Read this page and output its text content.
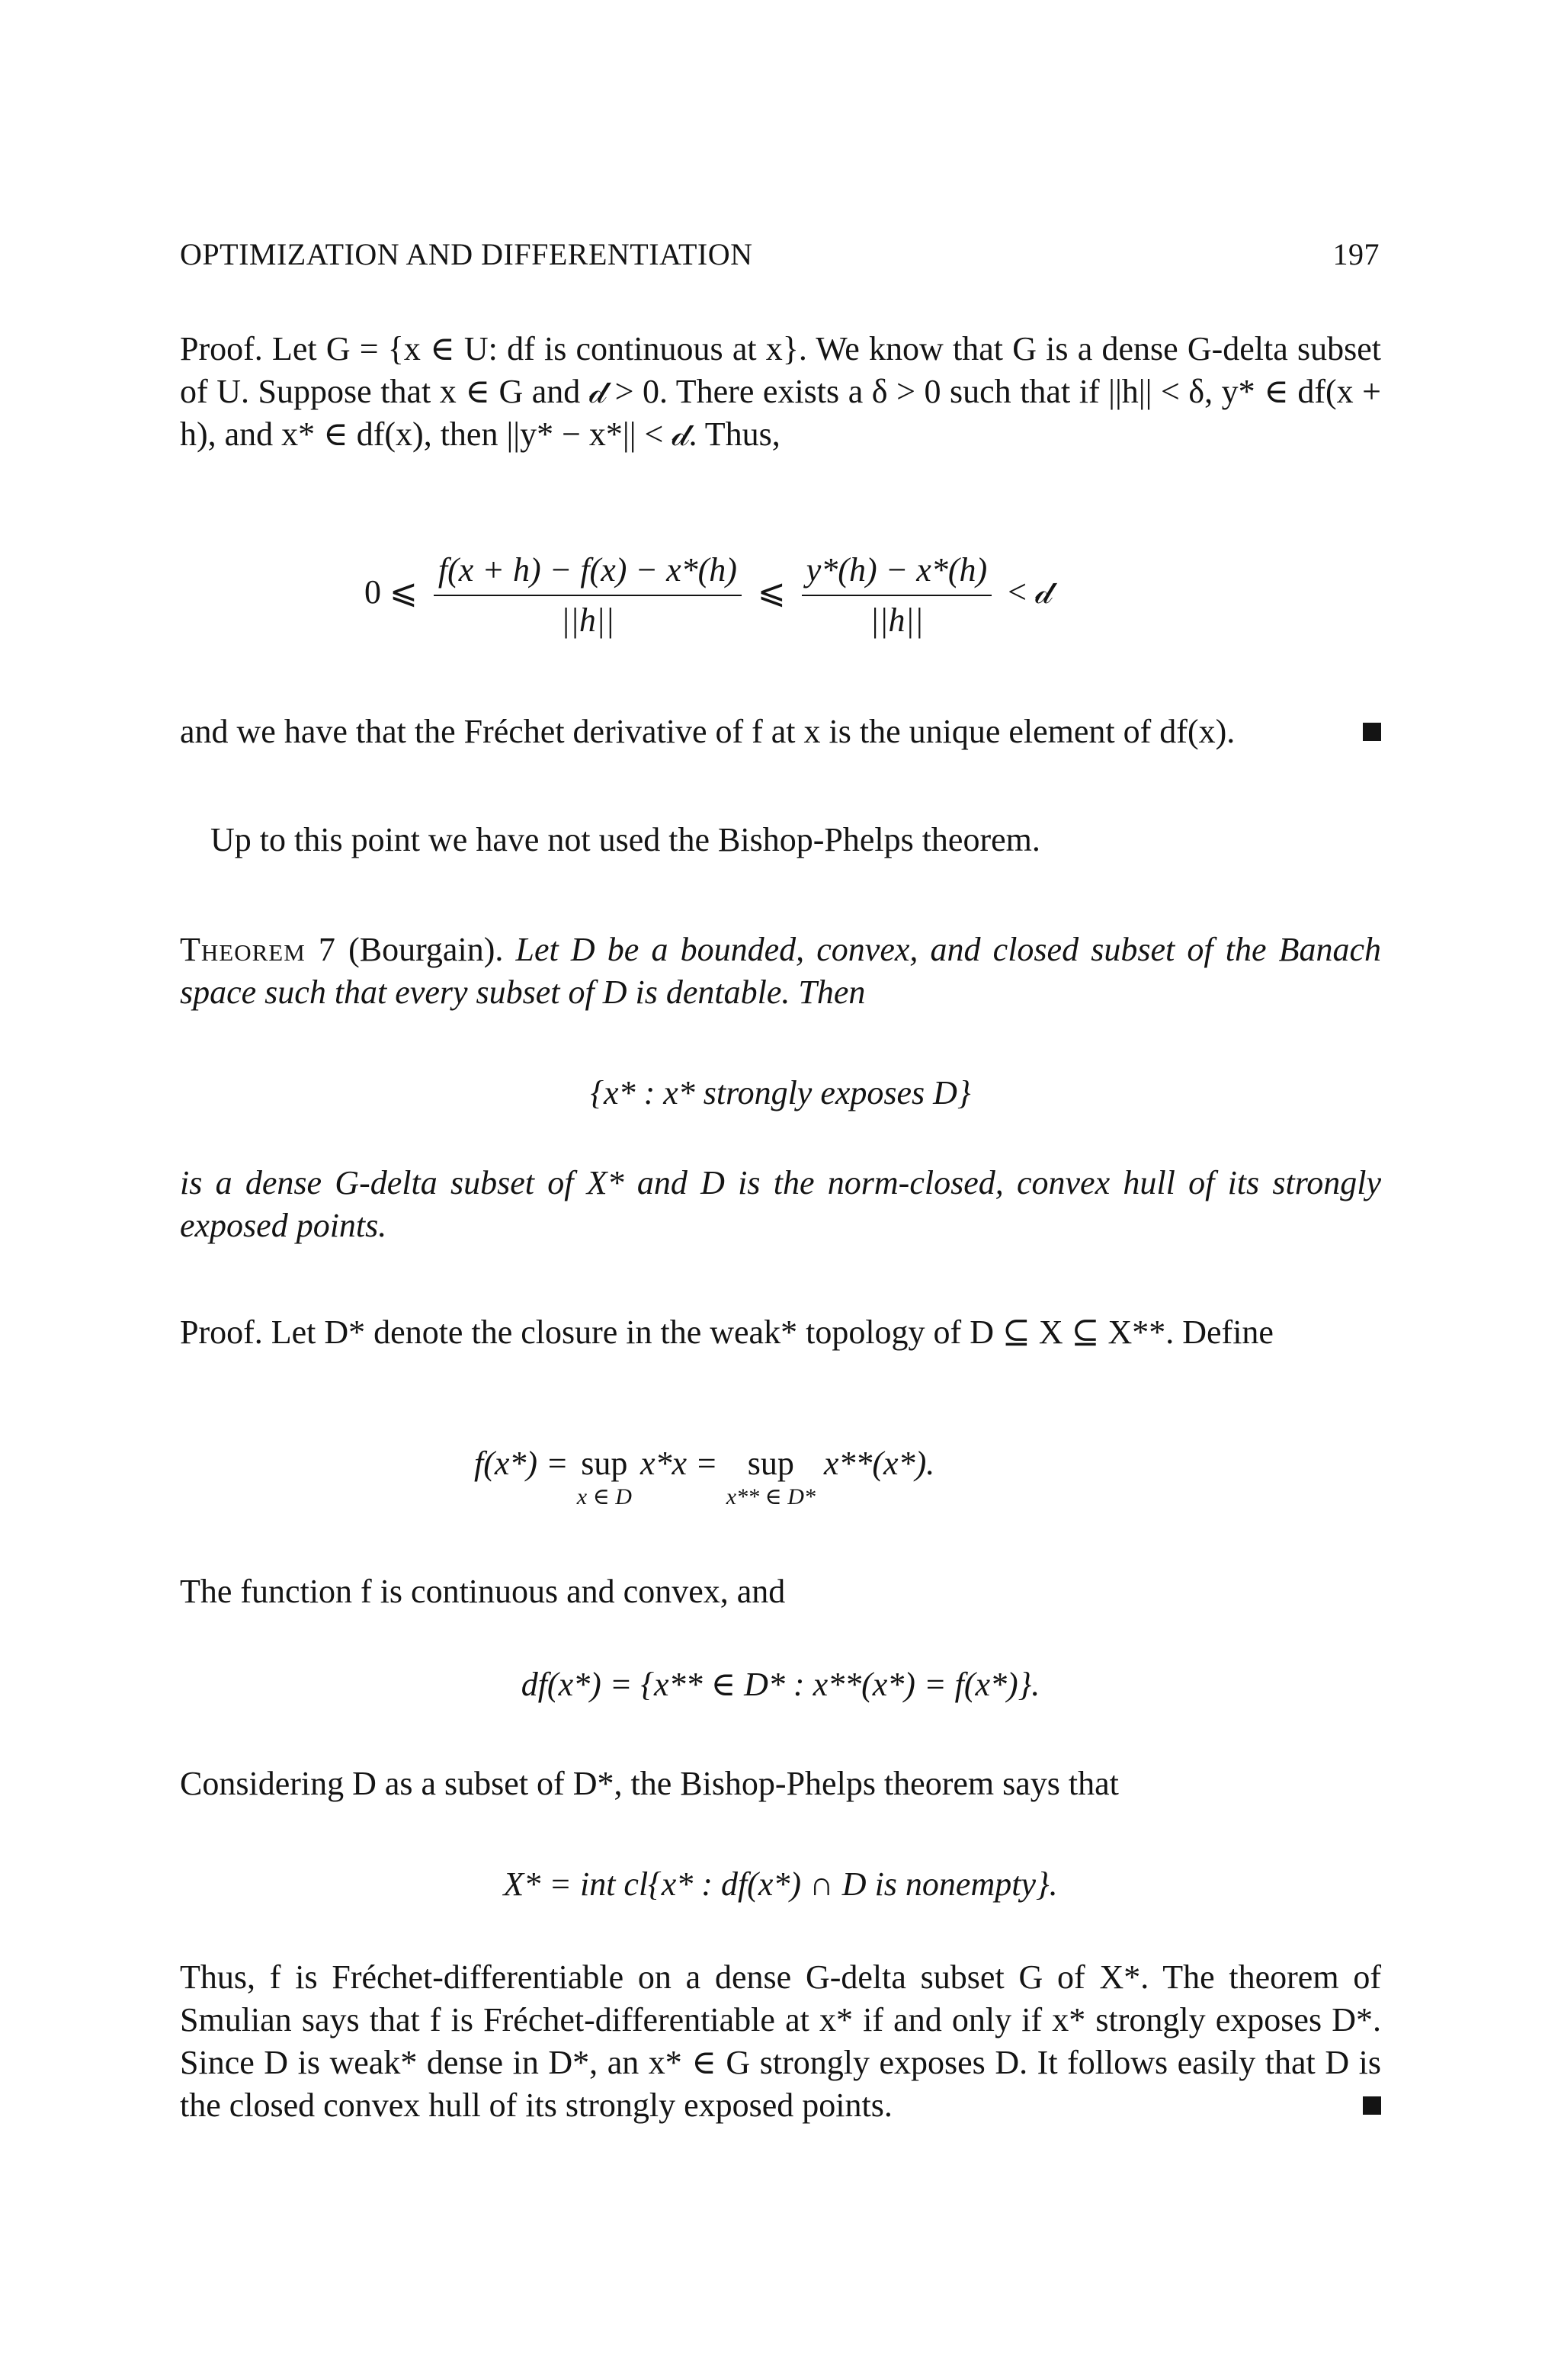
OPTIMIZATION AND DIFFERENTIATION	197
Proof. Let G = {x ∈ U: df is continuous at x}. We know that G is a dense G-delta subset of U. Suppose that x ∈ G and 𝒹 > 0. There exists a δ > 0 such that if ||h|| < δ, y* ∈ df(x + h), and x* ∈ df(x), then ||y* − x*|| < 𝒹. Thus,
0 ⩽ $\frac{f(x + h) - f(x) - x*(h)}{||h||}$ ⩽ $\frac{y*(h) - x*(h)}{||h||}$ < 𝒹
and we have that the Fréchet derivative of f at x is the unique element of df(x).
Up to this point we have not used the Bishop-Phelps theorem.
Theorem 7 (Bourgain). Let D be a bounded, convex, and closed subset of the Banach space such that every subset of D is dentable. Then
{x* : x* strongly exposes D}
is a dense G-delta subset of X* and D is the norm-closed, convex hull of its strongly exposed points.
Proof. Let D* denote the closure in the weak* topology of D ⊆ X ⊆ X**. Define
f(x*) = sup
x ∈ D
x*x = sup
x** ∈ D*
x**(x*).
The function f is continuous and convex, and
df(x*) = {x** ∈ D* : x**(x*) = f(x*)}.
Considering D as a subset of D*, the Bishop-Phelps theorem says that
X* = int cl{x* : df(x*) ∩ D is nonempty}.
Thus, f is Fréchet-differentiable on a dense G-delta subset G of X*. The theorem of Smulian says that f is Fréchet-differentiable at x* if and only if x* strongly exposes D*. Since D is weak* dense in D*, an x* ∈ G strongly exposes D. It follows easily that D is the closed convex hull of its strongly exposed points.
